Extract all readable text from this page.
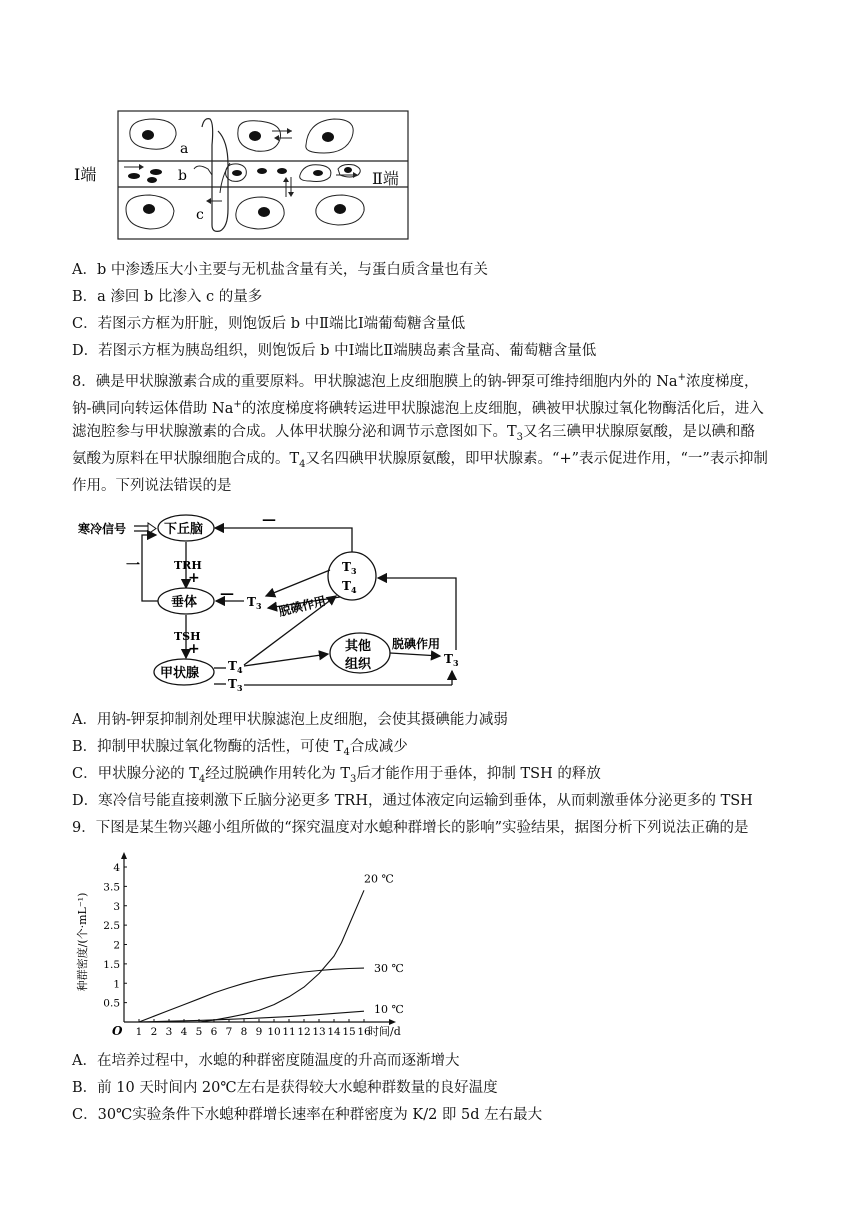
a
b
c
Ⅰ端	Ⅱ端
A．b 中渗透压大小主要与无机盐含量有关，与蛋白质含量也有关
B．a 渗回 b 比渗入 c 的量多
C．若图示方框为肝脏，则饱饭后 b 中Ⅱ端比Ⅰ端葡萄糖含量低
D．若图示方框为胰岛组织，则饱饭后 b 中Ⅰ端比Ⅱ端胰岛素含量高、葡萄糖含量低
8．碘是甲状腺激素合成的重要原料。甲状腺滤泡上皮细胞膜上的钠-钾泵可维持细胞内外的 Na+浓度梯度，
钠-碘同向转运体借助 Na+的浓度梯度将碘转运进甲状腺滤泡上皮细胞，碘被甲状腺过氧化物酶活化后，进入
滤泡腔参与甲状腺激素的合成。人体甲状腺分泌和调节示意图如下。$T_3$又名三碘甲状腺原氨酸，是以碘和酪
氨酸为原料在甲状腺细胞合成的。$T_4$又名四碘甲状腺原氨酸，即甲状腺素。“+”表示促进作用，“一”表示抑制
作用。下列说法错误的是
寒冷信号	下丘脑
TRH
+
垂体
TSH
+
甲状腺
一	$T_3$
$T_4$
—
$T_3$
—	脱碘作用
$T_4$
$T_3$
其他
组织
脱碘作用
$T_3$
A．用钠-钾泵抑制剂处理甲状腺滤泡上皮细胞，会使其摄碘能力减弱
B．抑制甲状腺过氧化物酶的活性，可使 $T_4$合成减少
C．甲状腺分泌的 $T_4$经过脱碘作用转化为 $T_3$后才能作用于垂体，抑制 TSH 的释放
D．寒冷信号能直接刺激下丘脑分泌更多 TRH，通过体液定向运输到垂体，从而刺激垂体分泌更多的 TSH
9．下图是某生物兴趣小组所做的“探究温度对水螅种群增长的影响”实验结果，据图分析下列说法正确的是
1 2 3 4 5 6 7 8 9 10 11 12 13 14 15 16
0.5
1
1.5
2
2.5
3
3.5
4
O	时间/d
种群密度/(个·mL⁻¹)
20 ℃
30 ℃
10 ℃
A．在培养过程中，水螅的种群密度随温度的升高而逐渐增大
B．前 10 天时间内 20℃左右是获得较大水螅种群数量的良好温度
C．30℃实验条件下水螅种群增长速率在种群密度为 K/2 即 5d 左右最大
